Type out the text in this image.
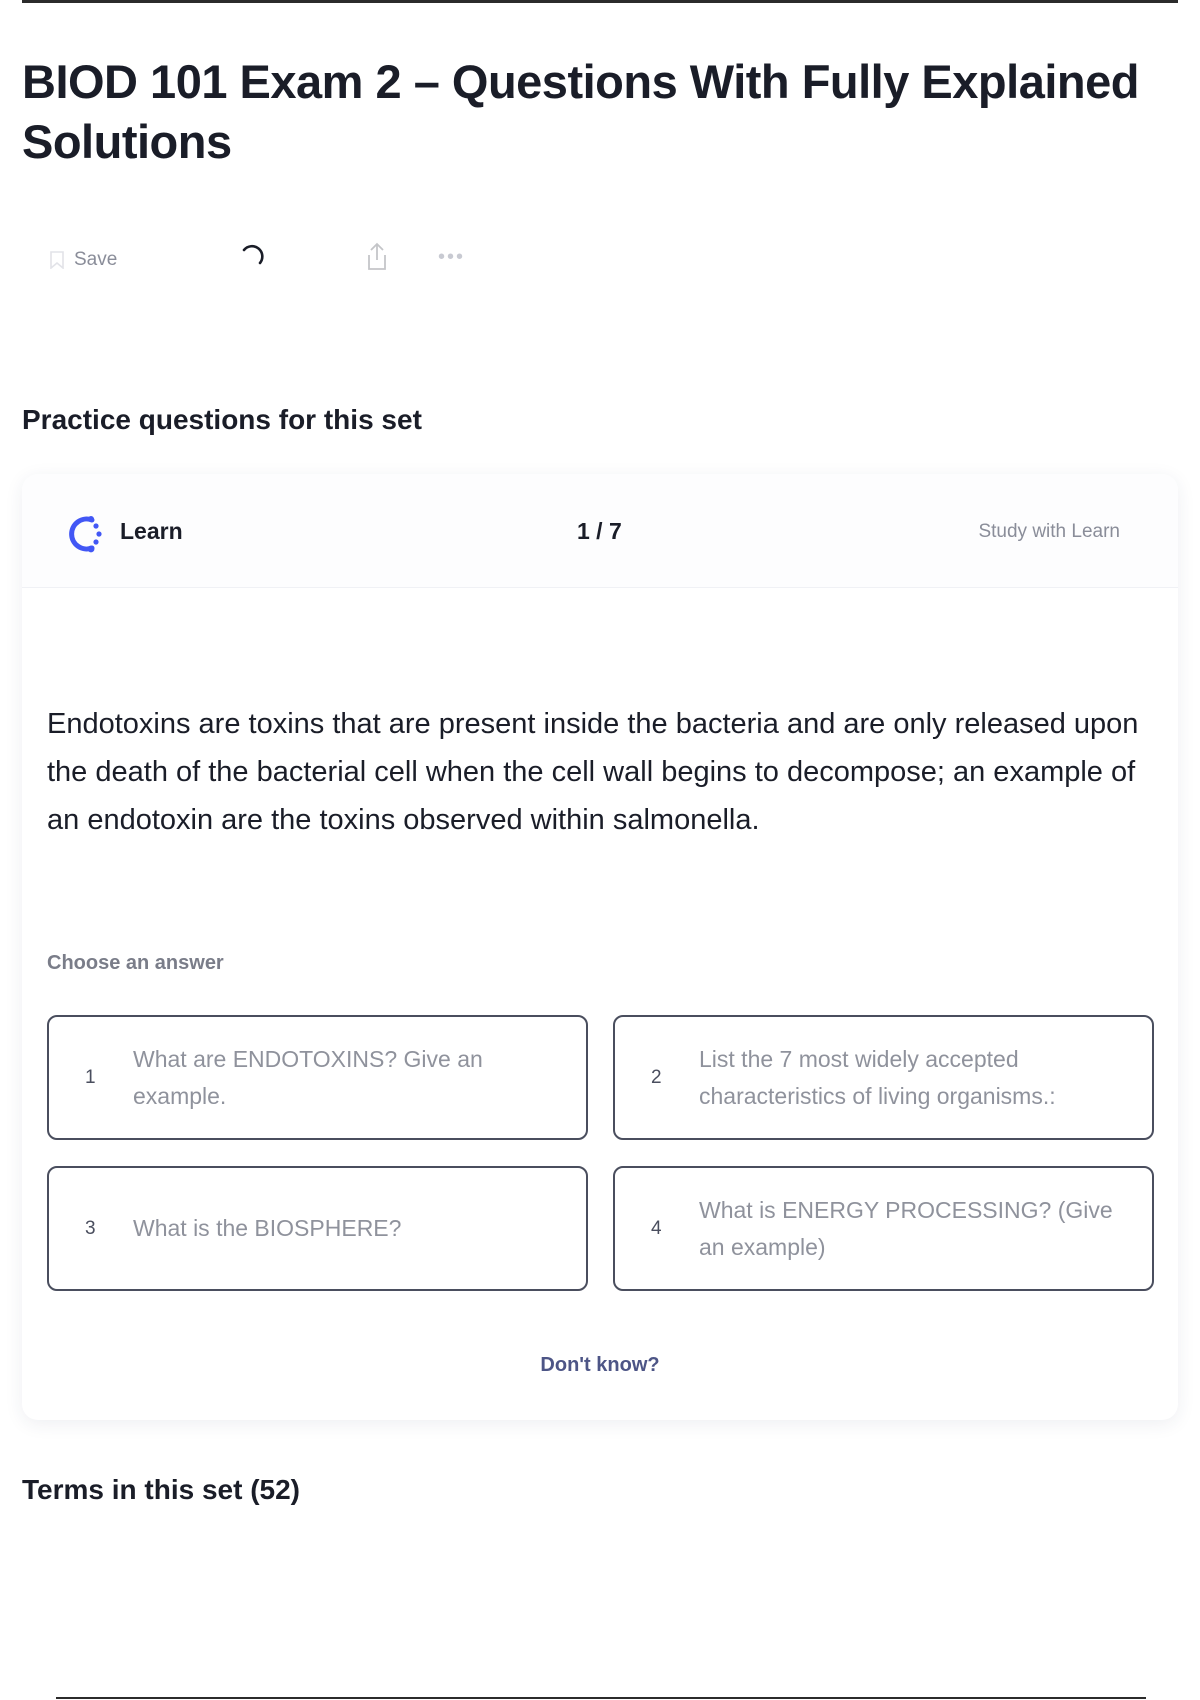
BIOD 101 Exam 2 – Questions With Fully Explained Solutions
Save	•••
Practice questions for this set
Learn	1 / 7	Study with Learn

Endotoxins are toxins that are present inside the bacteria and are only released upon the death of the bacterial cell when the cell wall begins to decompose; an example of an endotoxin are the toxins observed within salmonella.

Choose an answer
1
What are ENDOTOXINS? Give an example.
2
List the 7 most widely accepted characteristics of living organisms.:
3 What is the BIOSPHERE?	4
What is ENERGY PROCESSING? (Give an example)
Don't know?
Terms in this set (52)
